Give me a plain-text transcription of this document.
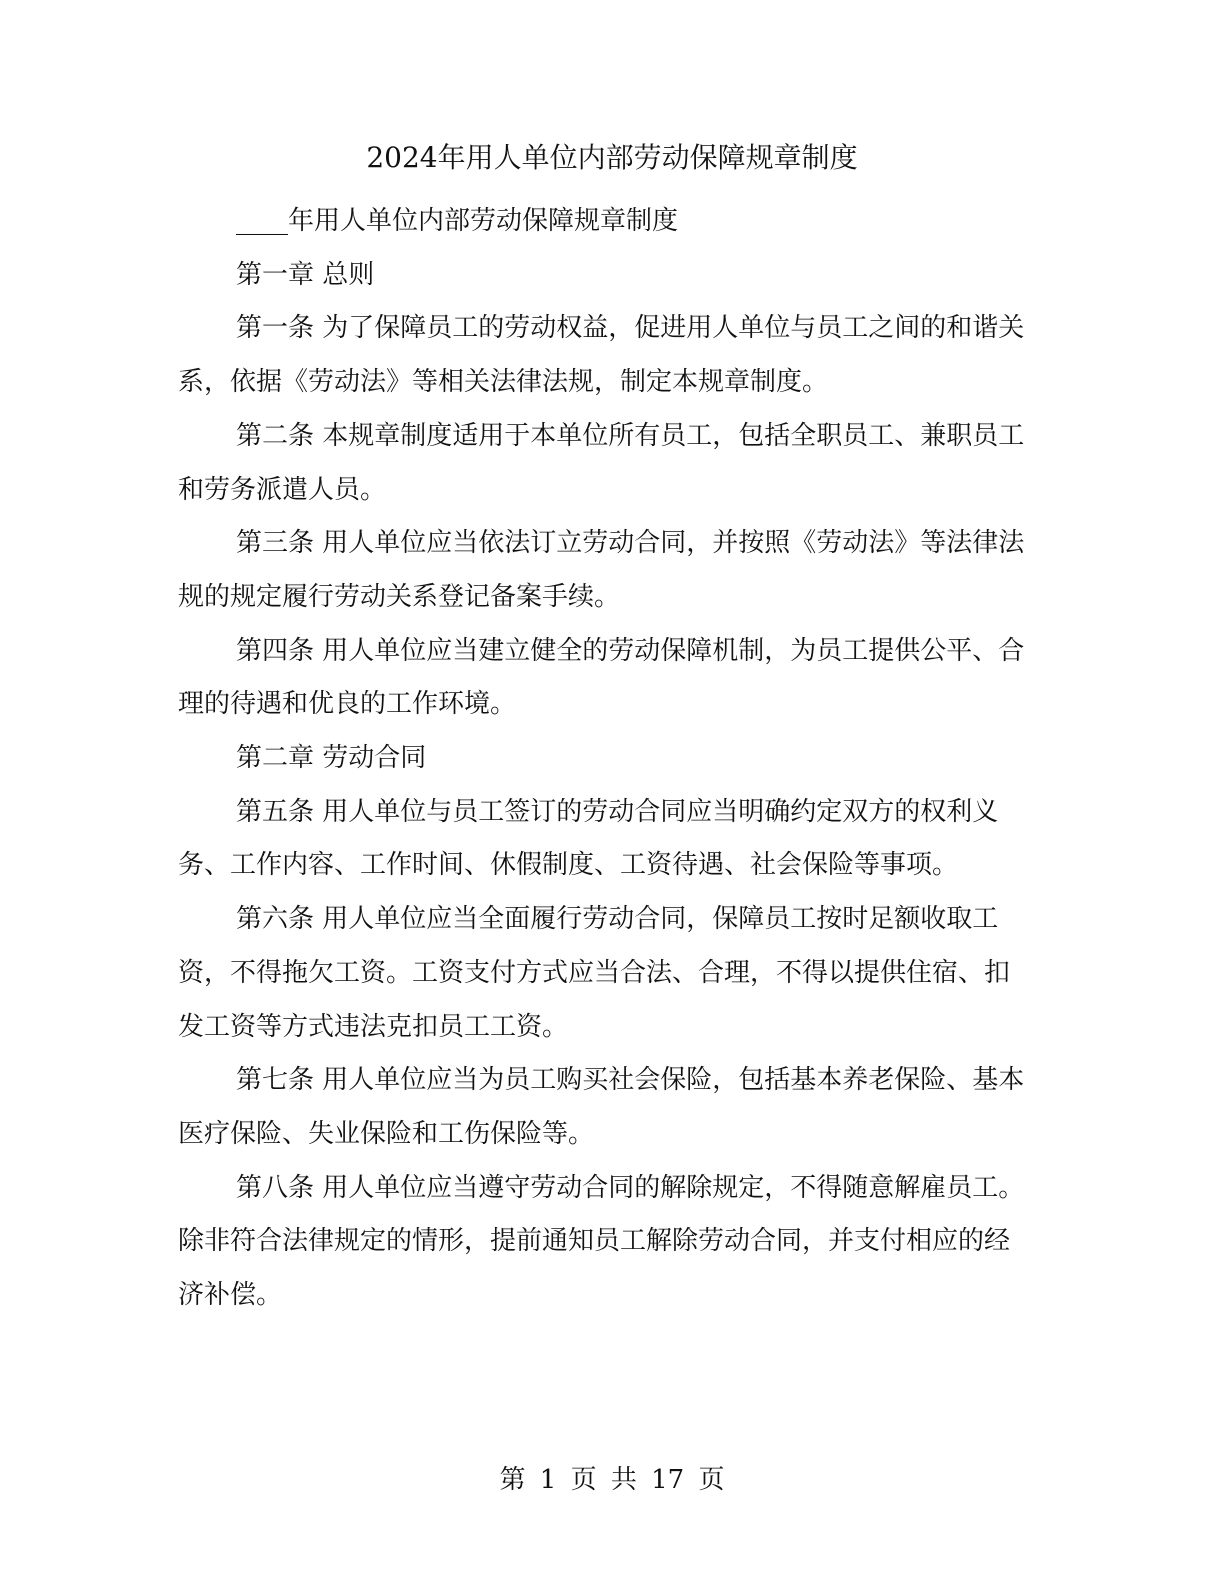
2024年用人单位内部劳动保障规章制度

____年用人单位内部劳动保障规章制度

第一章 总则

第一条 为了保障员工的劳动权益，促进用人单位与员工之间的和谐关系，依据《劳动法》等相关法律法规，制定本规章制度。

第二条 本规章制度适用于本单位所有员工，包括全职员工、兼职员工和劳务派遣人员。

第三条 用人单位应当依法订立劳动合同，并按照《劳动法》等法律法规的规定履行劳动关系登记备案手续。

第四条 用人单位应当建立健全的劳动保障机制，为员工提供公平、合理的待遇和优良的工作环境。

第二章 劳动合同

第五条 用人单位与员工签订的劳动合同应当明确约定双方的权利义务、工作内容、工作时间、休假制度、工资待遇、社会保险等事项。

第六条 用人单位应当全面履行劳动合同，保障员工按时足额收取工资，不得拖欠工资。工资支付方式应当合法、合理，不得以提供住宿、扣发工资等方式违法克扣员工工资。

第七条 用人单位应当为员工购买社会保险，包括基本养老保险、基本医疗保险、失业保险和工伤保险等。

第八条 用人单位应当遵守劳动合同的解除规定，不得随意解雇员工。除非符合法律规定的情形，提前通知员工解除劳动合同，并支付相应的经济补偿。

第 1 页 共 17 页
